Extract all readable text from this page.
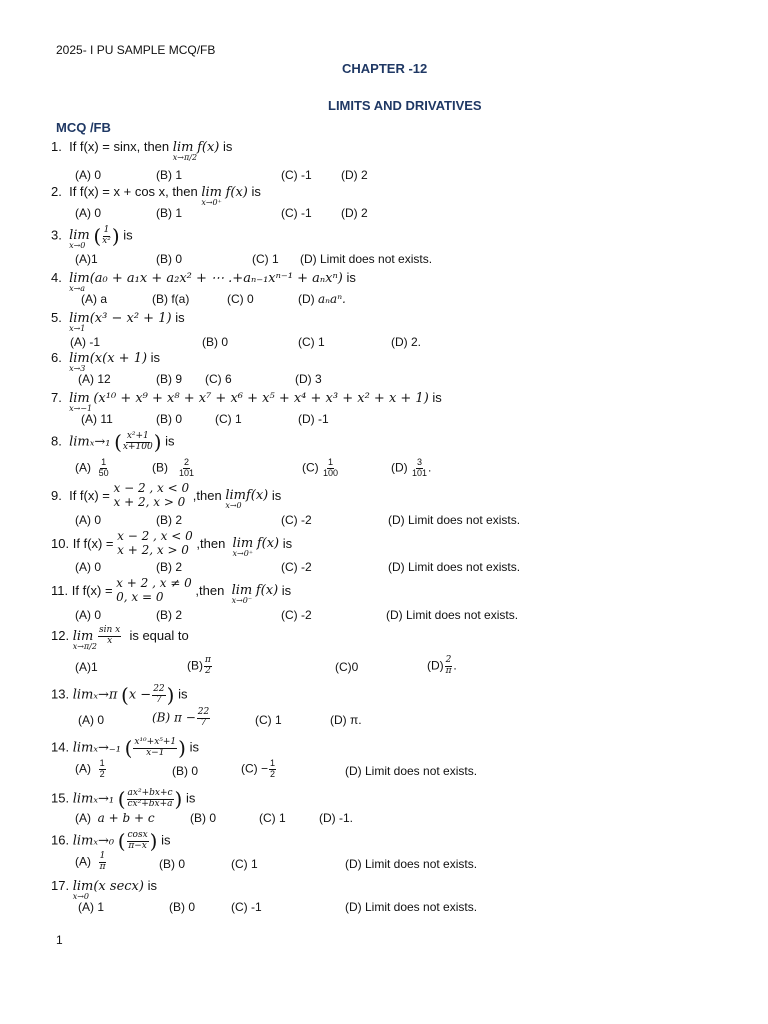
2025- I PU SAMPLE MCQ/FB
CHAPTER -12
LIMITS AND DRIVATIVES
MCQ /FB
1. If f(x) = sinx, then lim
x→π/2
f(x) is
(A) 0	(B) 1	(C) -1 (D) 2
2. If f(x) = x + cos x, then lim
x→0⁺
f(x) is
(A) 0	(B) 1	(C) -1 (D) 2
3. lim
x→0 ( $\frac{1}{\text{x²}}$ ) is
(A)1	(B) 0	(C) 1 (D) Limit does not exists.
4. lim
x→a
(a₀ + a₁x + a₂x² + ⋯ .+aₙ₋₁xⁿ⁻¹ + aₙxⁿ) is
(A) a	(B) f(a)	(C) 0	(D) aₙaⁿ.
5. lim
x→1
(x³ − x² + 1) is
(A) -1	(B) 0	(C) 1	(D) 2.
6. lim
x→3
(x(x + 1) is
(A) 12	(B) 9 (C) 6	(D) 3
7. lim
x→−1
(x¹⁰ + x⁹ + x⁸ + x⁷ + x⁶ + x⁵ + x⁴ + x³ + x² + x + 1) is
(A) 11	(B) 0	(C) 1	(D) -1
8. limₓ→₁ ( $\frac{\text{x²+1}}{x+100}$ ) is
$(A) \frac{1}{50}$	$(B) \frac{2}{101}$	$(C) \frac{1}{100}$	$(D) \frac{3}{101}$ .
9. If f(x) = x − 2 , x < 0
x + 2, x > 0 ,then lim
x→0
f(x) is
(A) 0	(B) 2	(C) -2	(D) Limit does not exists.
10. If f(x) = x − 2 , x < 0
x + 2, x > 0 ,then lim
x→0⁺
f(x) is
(A) 0	(B) 2	(C) -2	(D) Limit does not exists.
11. If f(x) = x + 2 , x ≠ 0
0, x = 0	,then lim
x→0⁻
f(x) is
(A) 0	(B) 2	(C) -2	(D) Limit does not exists.
12. lim
x→π/2
$\frac{\text{sin x}}{x}$ is equal to
(A)1	$(B) \frac{\pi}{2}$	(C)0	$(D) \frac{2}{\pi}$ .
13. limₓ→π ($x - \frac{22}{7}$ ) is
(A) 0	(B) $\pi - \frac{22}{7}$	(C) 1	(D) π.
14. limₓ→₋₁ ( $\frac{\text{x¹⁰+x⁵+1}}{x-1}$ ) is
$(A) \frac{1}{2}$	(B) 0	$(C) - \frac{1}{2}$	(D) Limit does not exists.
15. limₓ→₁ ( $\frac{\text{ax²+bx+c}}{\text{cx²+bx+a}}$ ) is
(A) a + b + c	(B) 0	(C) 1	(D) -1.
16. limₓ→₀ ( $\frac{\cos x}{\pi-x}$ ) is
$(A) \frac{1}{\pi}$	(B) 0	(C) 1	(D) Limit does not exists.
17. lim
x→0
(x secx) is
(A) 1	(B) 0	(C) -1	(D) Limit does not exists.
1
